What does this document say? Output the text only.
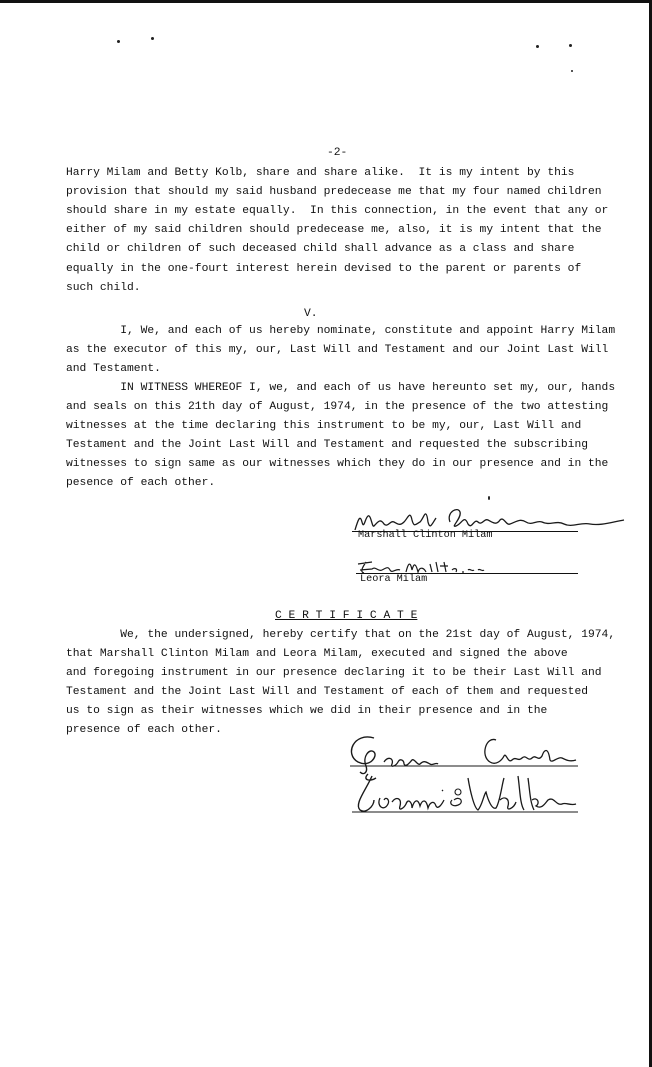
-2-
Harry Milam and Betty Kolb, share and share alike.  It is my intent by this
provision that should my said husband predecease me that my four named children
should share in my estate equally.  In this connection, in the event that any or
either of my said children should predecease me, also, it is my intent that the
child or children of such deceased child shall advance as a class and share
equally in the one-fourt interest herein devised to the parent or parents of
such child.
V.
I, We, and each of us hereby nominate, constitute and appoint Harry Milam
as the executor of this my, our, Last Will and Testament and our Joint Last Will
and Testament.
IN WITNESS WHEREOF I, we, and each of us have hereunto set my, our, hands
and seals on this 21th day of August, 1974, in the presence of the two attesting
witnesses at the time declaring this instrument to be my, our, Last Will and
Testament and the Joint Last Will and Testament and requested the subscribing
witnesses to sign same as our witnesses which they do in our presence and in the
pesence of each other.
Marshall Clinton Milam
Leora Milam
C E R T I F I C A T E
We, the undersigned, hereby certify that on the 21st day of August, 1974,
that Marshall Clinton Milam and Leora Milam, executed and signed the above
and foregoing instrument in our presence declaring it to be their Last Will and
Testament and the Joint Last Will and Testament of each of them and requested
us to sign as their witnesses which we did in their presence and in the
presence of each other.
